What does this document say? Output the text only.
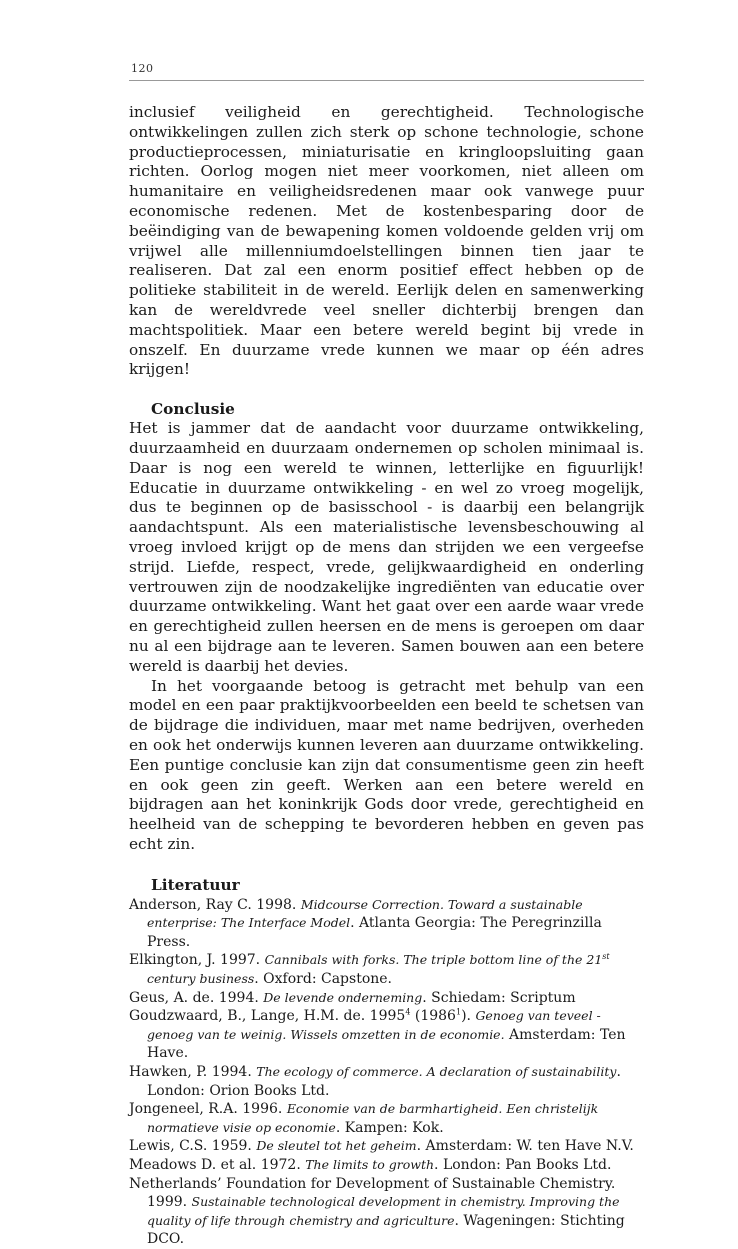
120

inclusief veiligheid en gerechtigheid. Technologische ontwikkelingen zullen zich sterk op schone technologie, schone productieprocessen, miniaturisatie en kringloopsluiting gaan richten. Oorlog mogen niet meer voorkomen, niet alleen om humanitaire en veiligheidsredenen maar ook vanwege puur economische redenen. Met de kostenbesparing door de beëindiging van de bewapening komen voldoende gelden vrij om vrijwel alle millenniumdoelstellingen binnen tien jaar te realiseren. Dat zal een enorm positief effect hebben op de politieke stabiliteit in de wereld. Eerlijk delen en samenwerking kan de wereldvrede veel sneller dichterbij brengen dan machtspolitiek. Maar een betere wereld begint bij vrede in onszelf. En duurzame vrede kunnen we maar op één adres krijgen!

Conclusie

Het is jammer dat de aandacht voor duurzame ontwikkeling, duurzaamheid en duurzaam ondernemen op scholen minimaal is. Daar is nog een wereld te winnen, letterlijke en figuurlijk! Educatie in duurzame ontwikkeling - en wel zo vroeg mogelijk, dus te beginnen op de basisschool - is daarbij een belangrijk aandachtspunt. Als een materialistische levensbeschouwing al vroeg invloed krijgt op de mens dan strijden we een vergeefse strijd. Liefde, respect, vrede, gelijkwaardigheid en onderling vertrouwen zijn de noodzakelijke ingrediënten van educatie over duurzame ontwikkeling. Want het gaat over een aarde waar vrede en gerechtigheid zullen heersen en de mens is geroepen om daar nu al een bijdrage aan te leveren. Samen bouwen aan een betere wereld is daarbij het devies.

In het voorgaande betoog is getracht met behulp van een model en een paar praktijkvoorbeelden een beeld te schetsen van de bijdrage die individuen, maar met name bedrijven, overheden en ook het onderwijs kunnen leveren aan duurzame ontwikkeling. Een puntige conclusie kan zijn dat consumentisme geen zin heeft en ook geen zin geeft. Werken aan een betere wereld en bijdragen aan het koninkrijk Gods door vrede, gerechtigheid en heelheid van de schepping te bevorderen hebben en geven pas echt zin.

Literatuur
Anderson, Ray C. 1998. Midcourse Correction. Toward a sustainable enterprise: The Interface Model. Atlanta Georgia: The Peregrinzilla Press.
Elkington, J. 1997. Cannibals with forks. The triple bottom line of the 21st century business. Oxford: Capstone.
Geus, A. de. 1994. De levende onderneming. Schiedam: Scriptum
Goudzwaard, B., Lange, H.M. de. 1995$^4$ (1986$^1$). Genoeg van teveel - genoeg van te weinig. Wissels omzetten in de economie. Amsterdam: Ten Have.
Hawken, P. 1994. The ecology of commerce. A declaration of sustainability. London: Orion Books Ltd.
Jongeneel, R.A. 1996. Economie van de barmhartigheid. Een christelijk normatieve visie op economie. Kampen: Kok.
Lewis, C.S. 1959. De sleutel tot het geheim. Amsterdam: W. ten Have N.V.
Meadows D. et al. 1972. The limits to growth. London: Pan Books Ltd.
Netherlands’ Foundation for Development of Sustainable Chemistry. 1999. Sustainable technological development in chemistry. Improving the quality of life through chemistry and agriculture. Wageningen: Stichting DCO.
